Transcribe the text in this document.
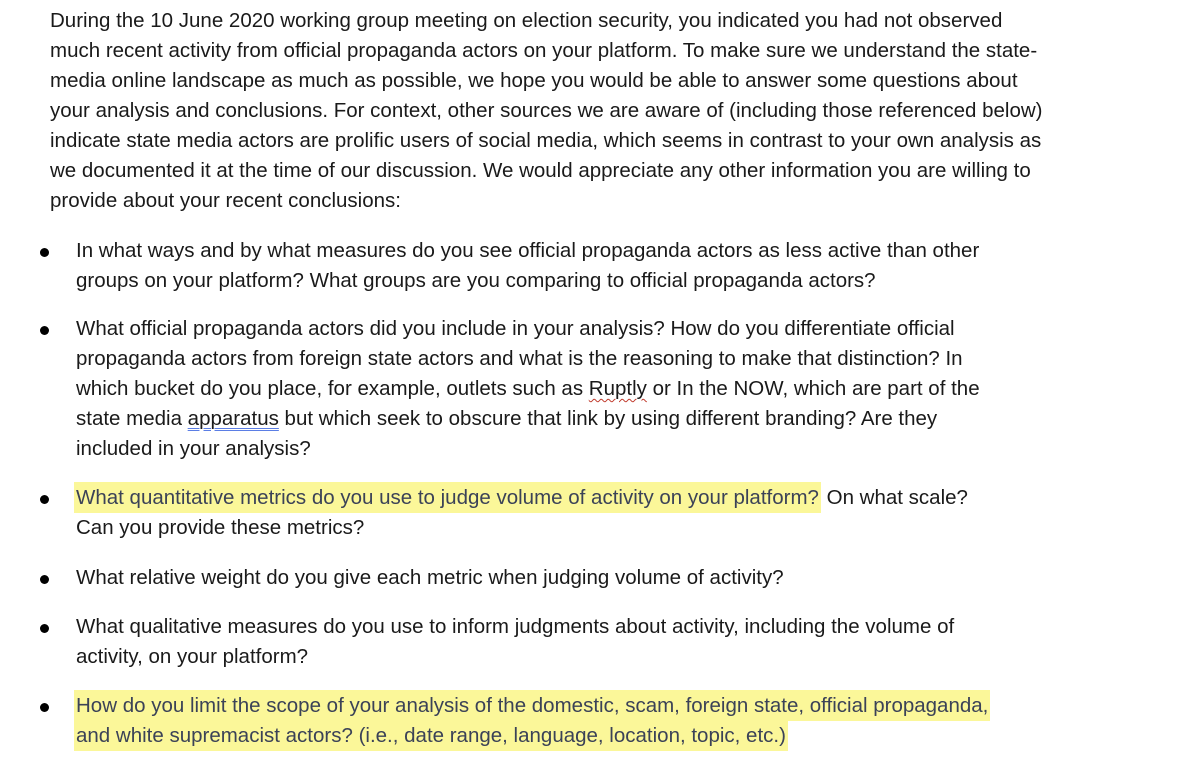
During the 10 June 2020 working group meeting on election security, you indicated you had not observed much recent activity from official propaganda actors on your platform. To make sure we understand the state-media online landscape as much as possible, we hope you would be able to answer some questions about your analysis and conclusions. For context, other sources we are aware of (including those referenced below) indicate state media actors are prolific users of social media, which seems in contrast to your own analysis as we documented it at the time of our discussion. We would appreciate any other information you are willing to provide about your recent conclusions:

In what ways and by what measures do you see official propaganda actors as less active than other groups on your platform? What groups are you comparing to official propaganda actors?
What official propaganda actors did you include in your analysis? How do you differentiate official propaganda actors from foreign state actors and what is the reasoning to make that distinction? In which bucket do you place, for example, outlets such as Ruptly or In the NOW, which are part of the state media apparatus but which seek to obscure that link by using different branding? Are they included in your analysis?
What quantitative metrics do you use to judge volume of activity on your platform? On what scale? Can you provide these metrics?
What relative weight do you give each metric when judging volume of activity?
What qualitative measures do you use to inform judgments about activity, including the volume of activity, on your platform?
How do you limit the scope of your analysis of the domestic, scam, foreign state, official propaganda, and white supremacist actors? (i.e., date range, language, location, topic, etc.)
